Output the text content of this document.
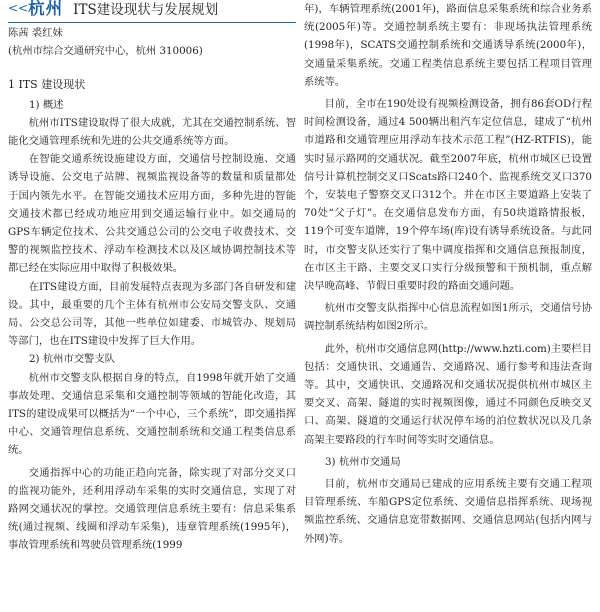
<<杭州 ITS建设现状与发展规划
陈茜 裘红妹
(杭州市综合交通研究中心，杭州 310006)
1 ITS 建设现状
1) 概述

杭州市ITS建设取得了很大成就，尤其在交通控制系统、智能化交通管理系统和先进的公共交通系统等方面。

在智能交通系统设施建设方面，交通信号控制设施、交通诱导设施、公交电子站牌、视频监视设备等的数量和质量都处于国内领先水平。在智能交通技术应用方面，多种先进的智能交通技术都已经成功地应用到交通运输行业中。如交通局的GPS车辆定位技术、公共交通总公司的公交电子收费技术、交警的视频监控技术、浮动车检测技术以及区域协调控制技术等都已经在实际应用中取得了积极效果。

在ITS建设方面，目前发展特点表现为多部门各自研发和建设。其中，最重要的几个主体有杭州市公安局交警支队、交通局、公交总公司等，其他一些单位如建委、市城管办、规划局等部门，也在ITS建设中发挥了巨大作用。

2) 杭州市交警支队

杭州市交警支队根据自身的特点，自1998年就开始了交通事故处理、交通信息采集和交通控制等领域的智能化改造，其ITS的建设成果可以概括为“一个中心，三个系统”，即交通指挥中心、交通管理信息系统、交通控制系统和交通工程类信息系统。

交通指挥中心的功能正趋向完备，除实现了对部分交叉口的监视功能外，还利用浮动车采集的实时交通信息，实现了对路网交通状况的掌控。交通管理信息系统主要有：信息采集系统(通过视频、线圈和浮动车采集)，违章管理系统(1995年)，事故管理系统和驾驶员管理系统(1999

年)，车辆管理系统(2001年)，路面信息采集系统和综合业务系统(2005年)等。交通控制系统主要有：非现场执法管理系统(1998年)，SCATS交通控制系统和交通诱导系统(2000年)，交通量采集系统。交通工程类信息系统主要包括工程项目管理系统等。

目前，全市在190处设有视频检测设备，拥有86套OD行程时间检测设备，通过4 500辆出租汽车定位信息，建成了“杭州市道路和交通管理应用浮动车技术示范工程”(HZ-RTFIS)，能实时显示路网的交通状况。截至2007年底，杭州市城区已设置信号计算机控制交叉口Scats路口240个、监视系统交叉口370个，安装电子警察交叉口312个。并在市区主要道路上安装了70处“父子灯”。在交通信息发布方面，有50块道路情报板，119个可变车道牌，19个停车场(库)设有诱导系统设备。与此同时，市交警支队还实行了集中调度指挥和交通信息预报制度，在市区主干路、主要交叉口实行分级预警和干预机制，重点解决早晚高峰、节假日重要时段的路面交通问题。

杭州市交警支队指挥中心信息流程如图1所示，交通信号协调控制系统结构如图2所示。

此外，杭州市交通信息网(http://www.hzti.com)主要栏目包括：交通快讯、交通通告、交通路况、通行参考和违法查询等。其中，交通快讯、交通路况和交通状况提供杭州市城区主要交叉、高架、隧道的实时视频图像，通过不同颜色反映交叉口、高架、隧道的交通运行状况停车场的泊位数状况以及几条高架主要路段的行车时间等实时交通信息。

3) 杭州市交通局

目前，杭州市交通局已建成的应用系统主要有交通工程项目管理系统、车船GPS定位系统、交通信息指挥系统、现场视频监控系统、交通信息宽带数据网、交通信息网站(包括内网与外网)等。
